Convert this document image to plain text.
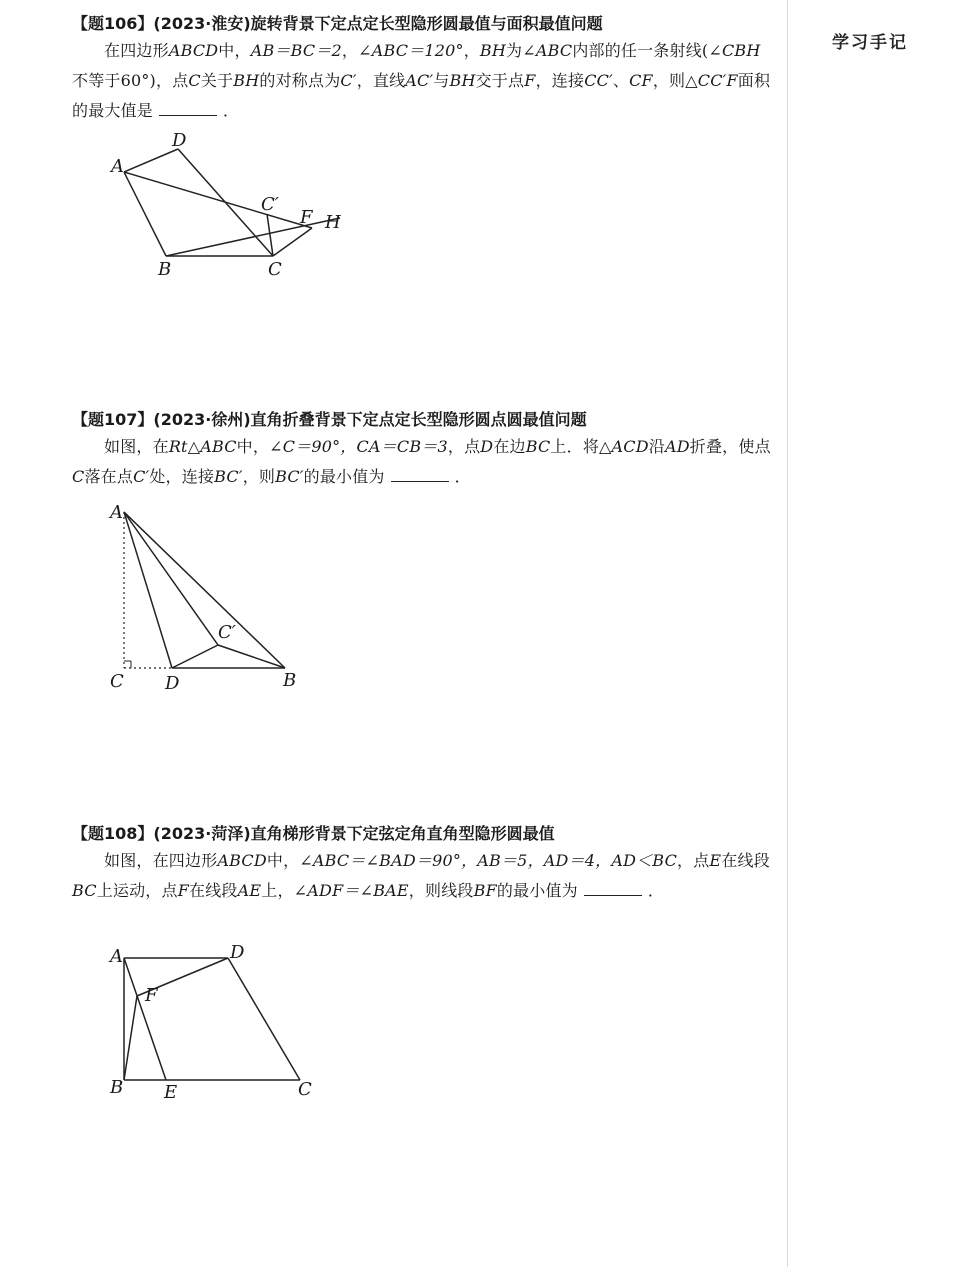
学习手记
【题106】(2023·淮安)旋转背景下定点定长型隐形圆最值与面积最值问题

在四边形ABCD中，AB＝BC＝2，∠ABC＝120°，BH为∠ABC内部的任一条射线(∠CBH不等于60°)，点C关于BH的对称点为C′，直线AC′与BH交于点F，连接CC′、CF，则△CC′F面积的最大值是	．

A
D
B	C
C′
F H
【题107】(2023·徐州)直角折叠背景下定点定长型隐形圆点圆最值问题

如图，在Rt△ABC中，∠C＝90°，CA＝CB＝3，点D在边BC上．将△ACD沿AD折叠，使点C落在点C′处，连接BC′，则BC′的最小值为	．

A
C D	B
C′
【题108】(2023·菏泽)直角梯形背景下定弦定角直角型隐形圆最值

如图，在四边形ABCD中，∠ABC＝∠BAD＝90°，AB＝5，AD＝4，AD＜BC，点E在线段BC上运动，点F在线段AE上，∠ADF＝∠BAE，则线段BF的最小值为	．

A	D
F
B E	C
